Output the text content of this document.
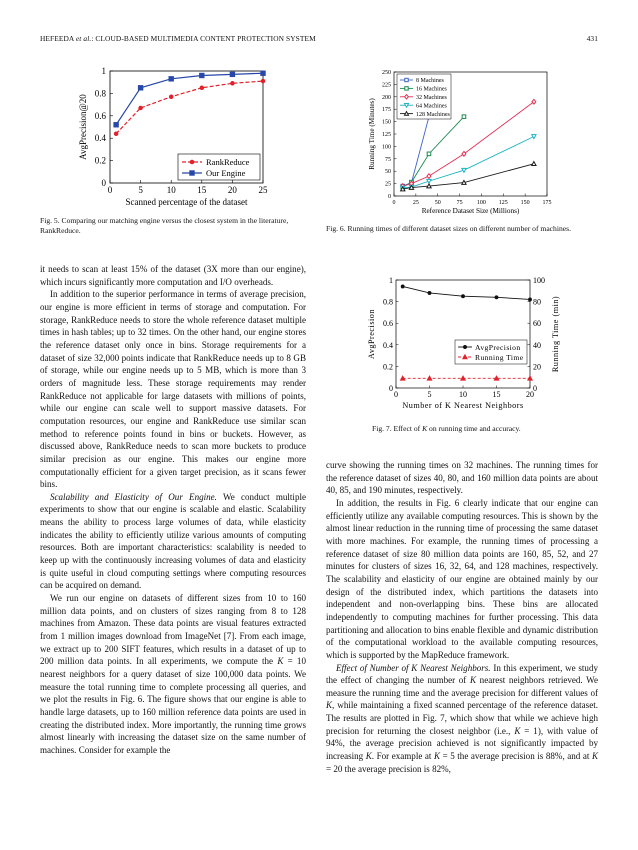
HEFEEDA et al.: CLOUD-BASED MULTIMEDIA CONTENT PROTECTION SYSTEM	431
0	5	10 15 20 25
0
0.2
0.4
0.6
0.8
1
Scanned percentage of the dataset
AvgPrecision@20
RankReduce
Our Engine
Fig. 5. Comparing our matching engine versus the closest system in the literature, RankReduce.
0	25	50	75 100 125 150 175
0
25
50
75
100
125
150
175
200
225
250
Reference Dataset Size (Millions)
Running Time (Minutes)
8 Machines
16 Machines
32 Machines
64 Machines
128 Machines
Fig. 6. Running times of different dataset sizes on different number of machines.
0	5	10	15	20
0
0.2
0.4
0.6
0.8
1
0
20
40
60
80
100
Number of K Nearest Neighbors
AvgPrecision	Running Time (min)
AvgPrecision
Running Time
Fig. 7. Effect of K on running time and accuracy.

it needs to scan at least 15% of the dataset (3X more than our engine), which incurs significantly more computation and I/O overheads.

In addition to the superior performance in terms of average precision, our engine is more efficient in terms of storage and computation. For storage, RankReduce needs to store the whole reference dataset multiple times in hash tables; up to 32 times. On the other hand, our engine stores the reference dataset only once in bins. Storage requirements for a dataset of size 32,000 points indicate that RankReduce needs up to 8 GB of storage, while our engine needs up to 5 MB, which is more than 3 orders of magnitude less. These storage requirements may render RankReduce not applicable for large datasets with millions of points, while our engine can scale well to support massive datasets. For computation resources, our engine and RankReduce use similar scan method to reference points found in bins or buckets. However, as discussed above, RankReduce needs to scan more buckets to produce similar precision as our engine. This makes our engine more computationally efficient for a given target precision, as it scans fewer bins.

Scalability and Elasticity of Our Engine. We conduct multiple experiments to show that our engine is scalable and elastic. Scalability means the ability to process large volumes of data, while elasticity indicates the ability to efficiently utilize various amounts of computing resources. Both are important characteristics: scalability is needed to keep up with the continuously increasing volumes of data and elasticity is quite useful in cloud computing settings where computing resources can be acquired on demand.

We run our engine on datasets of different sizes from 10 to 160 million data points, and on clusters of sizes ranging from 8 to 128 machines from Amazon. These data points are visual features extracted from 1 million images download from ImageNet [7]. From each image, we extract up to 200 SIFT features, which results in a dataset of up to 200 million data points. In all experiments, we compute the K = 10 nearest neighbors for a query dataset of size 100,000 data points. We measure the total running time to complete processing all queries, and we plot the results in Fig. 6. The figure shows that our engine is able to handle large datasets, up to 160 million reference data points are used in creating the distributed index. More importantly, the running time grows almost linearly with increasing the dataset size on the same number of machines. Consider for example the

curve showing the running times on 32 machines. The running times for the reference dataset of sizes 40, 80, and 160 million data points are about 40, 85, and 190 minutes, respectively.

In addition, the results in Fig. 6 clearly indicate that our engine can efficiently utilize any available computing resources. This is shown by the almost linear reduction in the running time of processing the same dataset with more machines. For example, the running times of processing a reference dataset of size 80 million data points are 160, 85, 52, and 27 minutes for clusters of sizes 16, 32, 64, and 128 machines, respectively. The scalability and elasticity of our engine are obtained mainly by our design of the distributed index, which partitions the datasets into independent and non-overlapping bins. These bins are allocated independently to computing machines for further processing. This data partitioning and allocation to bins enable flexible and dynamic distribution of the computational workload to the available computing resources, which is supported by the MapReduce framework.

Effect of Number of K Nearest Neighbors. In this experiment, we study the effect of changing the number of K nearest neighbors retrieved. We measure the running time and the average precision for different values of K, while maintaining a fixed scanned percentage of the reference dataset. The results are plotted in Fig. 7, which show that while we achieve high precision for returning the closest neighbor (i.e., K = 1), with value of 94%, the average precision achieved is not significantly impacted by increasing K. For example at K = 5 the average precision is 88%, and at K = 20 the average precision is 82%,
